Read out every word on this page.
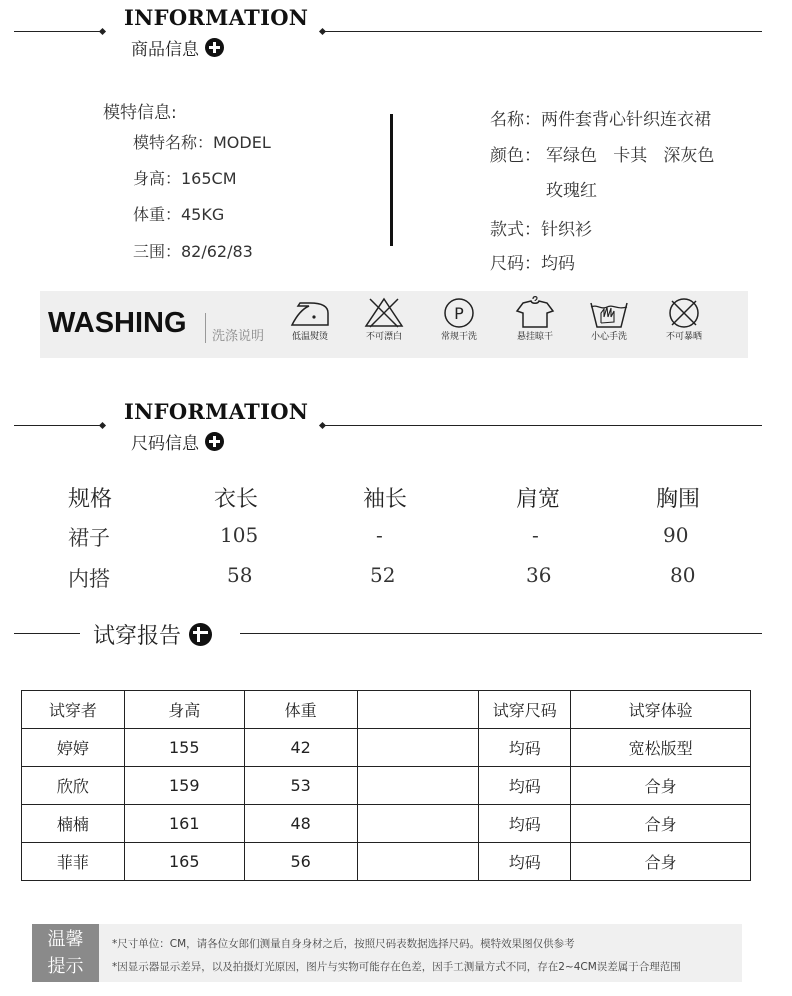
INFORMATION
商品信息
模特信息:
模特名称：MODEL
身高：165CM
体重：45KG
三围：82/62/83
名称：两件套背心针织连衣裙
颜色： 军绿色   卡其   深灰色
玫瑰红
款式：针织衫
尺码：均码
WASHING 洗涤说明	低温熨烫	不可漂白
P
常规干洗	悬挂晾干	小心手洗	不可暴晒
INFORMATION
尺码信息
规格	衣长	袖长	肩宽	胸围
裙子	105	-	-	90
内搭	58	52	36	80
试穿报告
试穿者	身高	体重		试穿尺码	试穿体验
婷婷	155	42		均码	宽松版型
欣欣	159	53		均码	合身
楠楠	161	48		均码	合身
菲菲	165	56		均码	合身
温馨
提示
*尺寸单位：CM，请各位女郎们测量自身身材之后，按照尺码表数据选择尺码。模特效果图仅供参考
*因显示器显示差异，以及拍摄灯光原因，图片与实物可能存在色差，因手工测量方式不同，存在2~4CM误差属于合理范围
